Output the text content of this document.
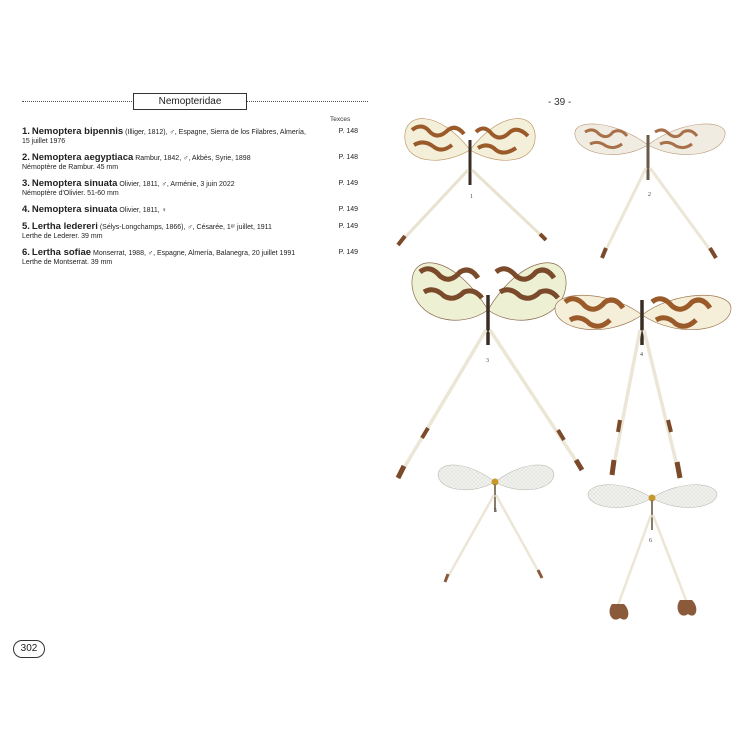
Nemopteridae
Texces
1. Nemoptera bipennis (Illiger, 1812), ♂, Espagne, Sierra de los Filabres, Almería,
15 juillet 1976
P. 148
2. Nemoptera aegyptiaca Rambur, 1842, ♂, Akbès, Syrie, 1898
Némoptère de Rambur. 45 mm
P. 148
3. Nemoptera sinuata Olivier, 1811, ♂, Arménie, 3 juin 2022
Némoptère d'Olivier. 51-60 mm
P. 149
4. Nemoptera sinuata Olivier, 1811, ♀	P. 149
5. Lertha ledereri (Sélys-Longchamps, 1866), ♂, Césarée, 1ᵉʳ juillet, 1911
Lerthe de Lederer. 39 mm
P. 149
6. Lertha sofiae Monserrat, 1988, ♂, Espagne, Almería, Balanegra, 20 juillet 1991
Lerthe de Montserrat. 39 mm
P. 149
302
- 39 -
1	2
3
4
5
6
